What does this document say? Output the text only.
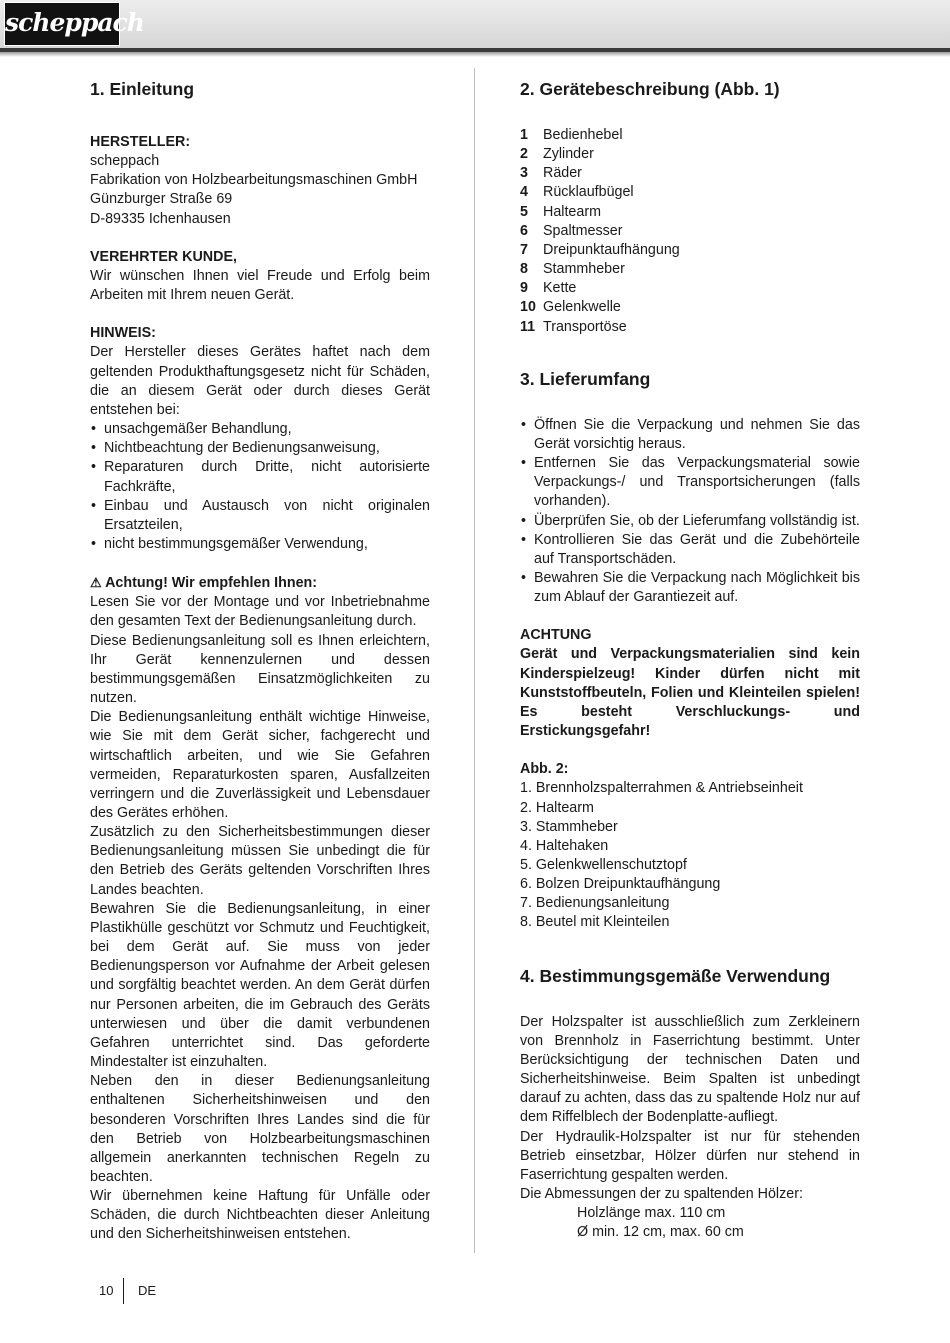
scheppach
1. Einleitung

HERSTELLER:

scheppach

Fabrikation von Holzbearbeitungsmaschinen GmbH

Günzburger Straße 69

D-89335 Ichenhausen

VEREHRTER KUNDE,

Wir wünschen Ihnen viel Freude und Erfolg beim Arbeiten mit Ihrem neuen Gerät.

HINWEIS:

Der Hersteller dieses Gerätes haftet nach dem geltenden Produkthaftungsgesetz nicht für Schäden, die an diesem Gerät oder durch dieses Gerät entstehen bei:

• unsachgemäßer Behandlung,
• Nichtbeachtung der Bedienungsanweisung,
• Reparaturen durch Dritte, nicht autorisierte Fachkräfte,
• Einbau und Austausch von nicht originalen Ersatzteilen,
• nicht bestimmungsgemäßer Verwendung,

⚠ Achtung! Wir empfehlen Ihnen:

Lesen Sie vor der Montage und vor Inbetriebnahme den gesamten Text der Bedienungsanleitung durch.

Diese Bedienungsanleitung soll es Ihnen erleichtern, Ihr Gerät kennenzulernen und dessen bestimmungsgemäßen Einsatzmöglichkeiten zu nutzen.

Die Bedienungsanleitung enthält wichtige Hinweise, wie Sie mit dem Gerät sicher, fachgerecht und wirtschaftlich arbeiten, und wie Sie Gefahren vermeiden, Reparaturkosten sparen, Ausfallzeiten verringern und die Zuverlässigkeit und Lebensdauer des Gerätes erhöhen.

Zusätzlich zu den Sicherheitsbestimmungen dieser Bedienungsanleitung müssen Sie unbedingt die für den Betrieb des Geräts geltenden Vorschriften Ihres Landes beachten.

Bewahren Sie die Bedienungsanleitung, in einer Plastikhülle geschützt vor Schmutz und Feuchtigkeit, bei dem Gerät auf. Sie muss von jeder Bedienungsperson vor Aufnahme der Arbeit gelesen und sorgfältig beachtet werden. An dem Gerät dürfen nur Personen arbeiten, die im Gebrauch des Geräts unterwiesen und über die damit verbundenen Gefahren unterrichtet sind. Das geforderte Mindestalter ist einzuhalten.

Neben den in dieser Bedienungsanleitung enthaltenen Sicherheitshinweisen und den besonderen Vorschriften Ihres Landes sind die für den Betrieb von Holzbearbeitungsmaschinen allgemein anerkannten technischen Regeln zu beachten.

Wir übernehmen keine Haftung für Unfälle oder Schäden, die durch Nichtbeachten dieser Anleitung und den Sicherheitshinweisen entstehen.

2. Gerätebeschreibung (Abb. 1)
1	Bedienhebel
2	Zylinder
3	Räder
4	Rücklaufbügel
5	Haltearm
6	Spaltmesser
7	Dreipunktaufhängung
8	Stammheber
9	Kette
10 Gelenkwelle
11 Transportöse
3. Lieferumfang
• Öffnen Sie die Verpackung und nehmen Sie das Gerät vorsichtig heraus.
• Entfernen Sie das Verpackungsmaterial sowie Verpackungs-/ und Transportsicherungen (falls vorhanden).
• Überprüfen Sie, ob der Lieferumfang vollständig ist.
• Kontrollieren Sie das Gerät und die Zubehörteile auf Transportschäden.
• Bewahren Sie die Verpackung nach Möglichkeit bis zum Ablauf der Garantiezeit auf.

ACHTUNG

Gerät und Verpackungsmaterialien sind kein Kinderspielzeug! Kinder dürfen nicht mit Kunststoffbeuteln, Folien und Kleinteilen spielen! Es besteht Verschluckungs- und Erstickungsgefahr!

Abb. 2:

1. Brennholzspalterrahmen & Antriebseinheit
2. Haltearm
3. Stammheber
4. Haltehaken
5. Gelenkwellenschutztopf
6. Bolzen Dreipunktaufhängung
7. Bedienungsanleitung
8. Beutel mit Kleinteilen
4. Bestimmungsgemäße Verwendung

Der Holzspalter ist ausschließlich zum Zerkleinern von Brennholz in Faserrichtung bestimmt. Unter Berücksichtigung der technischen Daten und Sicherheitshinweise. Beim Spalten ist unbedingt darauf zu achten, dass das zu spaltende Holz nur auf dem Riffelblech der Bodenplatte-aufliegt.

Der Hydraulik-Holzspalter ist nur für stehenden Betrieb einsetzbar, Hölzer dürfen nur stehend in Faserrichtung gespalten werden.

Die Abmessungen der zu spaltenden Hölzer:

Holzlänge max. 110 cm

Ø min. 12 cm, max. 60 cm

10 DE
